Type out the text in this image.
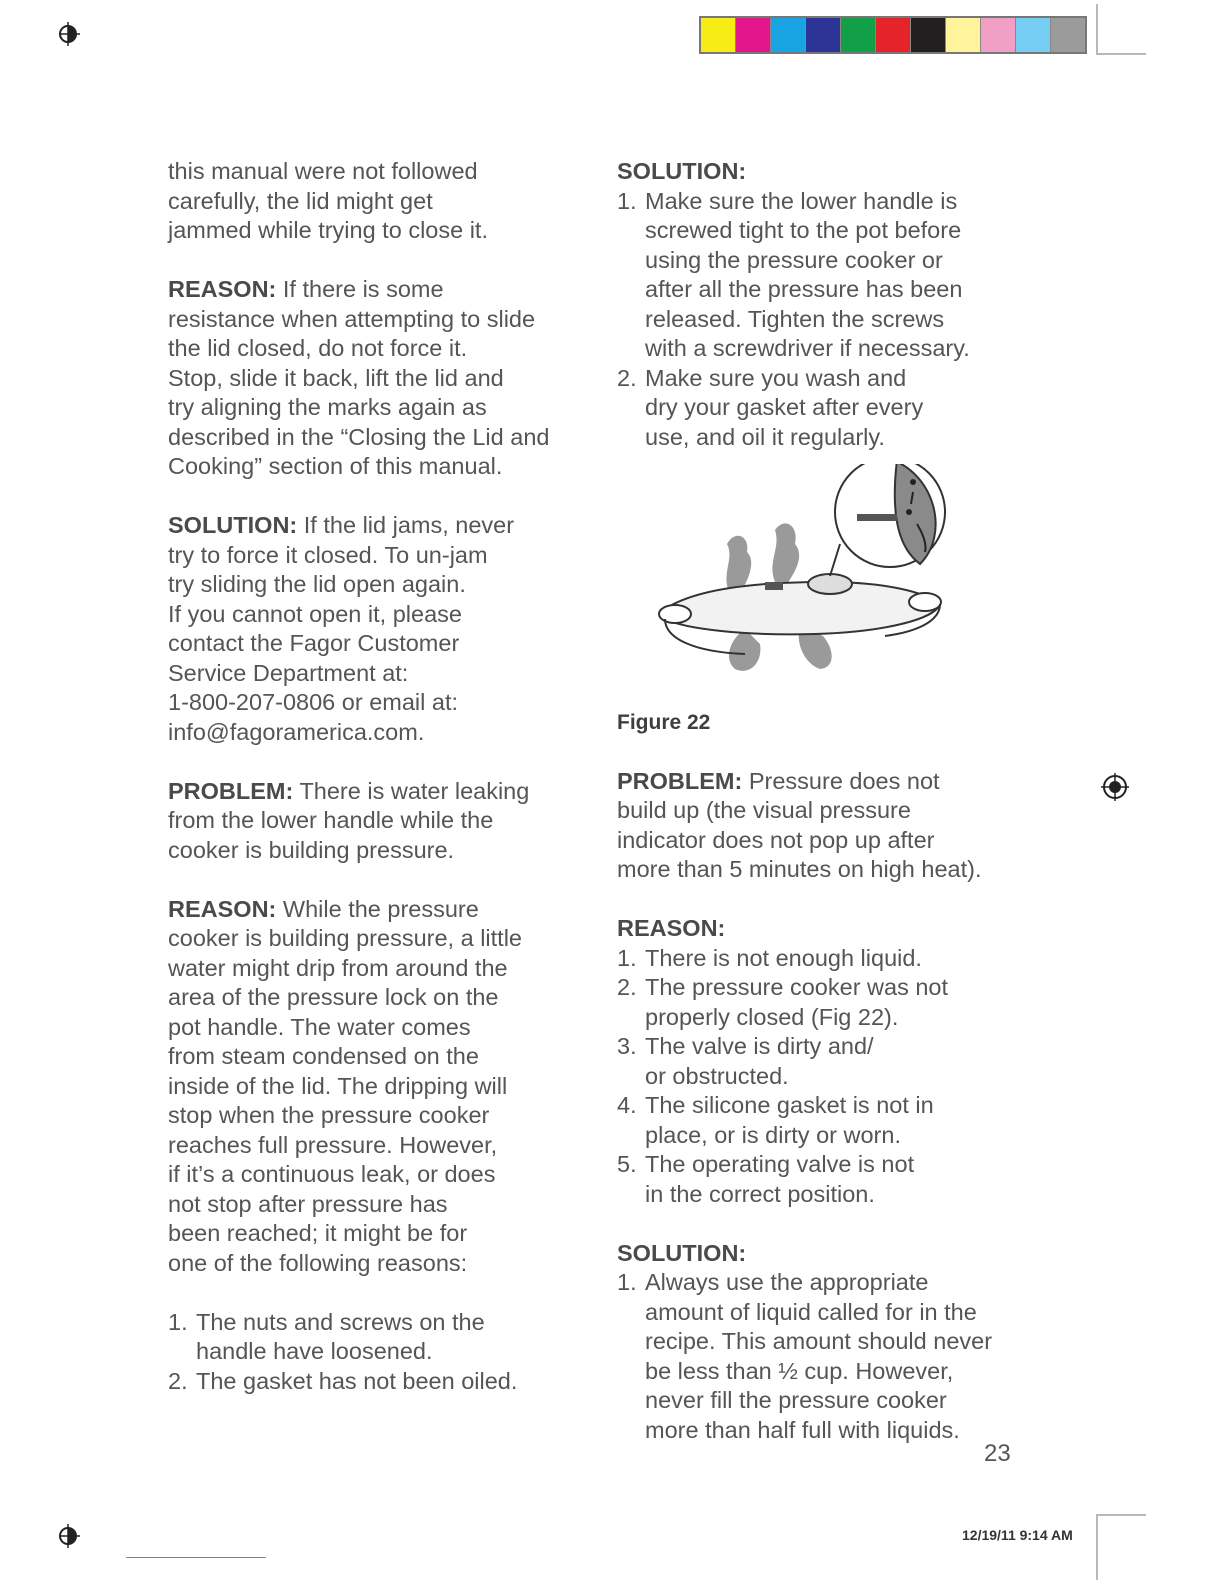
this manual were not followed
carefully, the lid might get
jammed while trying to close it.

REASON: If there is some
resistance when attempting to slide
the lid closed, do not force it.
Stop, slide it back, lift the lid and
try aligning the marks again as
described in the “Closing the Lid and
Cooking” section of this manual.

SOLUTION: If the lid jams, never
try to force it closed. To un-jam
try sliding the lid open again.
If you cannot open it, please
contact the Fagor Customer
Service Department at:
1-800-207-0806 or email at:
info@fagoramerica.com.

PROBLEM: There is water leaking
from the lower handle while the
cooker is building pressure.

REASON: While the pressure
cooker is building pressure, a little
water might drip from around the
area of the pressure lock on the
pot handle. The water comes
from steam condensed on the
inside of the lid. The dripping will
stop when the pressure cooker
reaches full pressure. However,
if it’s a continuous leak, or does
not stop after pressure has
been reached; it might be for
one of the following reasons:

1. The nuts and screws on the
handle have loosened.
2. The gasket has not been oiled.
SOLUTION:
1. Make sure the lower handle is
screwed tight to the pot before
using the pressure cooker or
after all the pressure has been
released. Tighten the screws
with a screwdriver if necessary.
2. Make sure you wash and
dry your gasket after every
use, and oil it regularly.
Figure 22

PROBLEM: Pressure does not
build up (the visual pressure
indicator does not pop up after
more than 5 minutes on high heat).

REASON:
1. There is not enough liquid.
2. The pressure cooker was not
properly closed (Fig 22).
3. The valve is dirty and/
or obstructed.
4. The silicone gasket is not in
place, or is dirty or worn.
5. The operating valve is not
in the correct position.
SOLUTION:
1. Always use the appropriate
amount of liquid called for in the
recipe. This amount should never
be less than ½ cup. However,
never fill the pressure cooker
more than half full with liquids.
23
12/19/11 9:14 AM
